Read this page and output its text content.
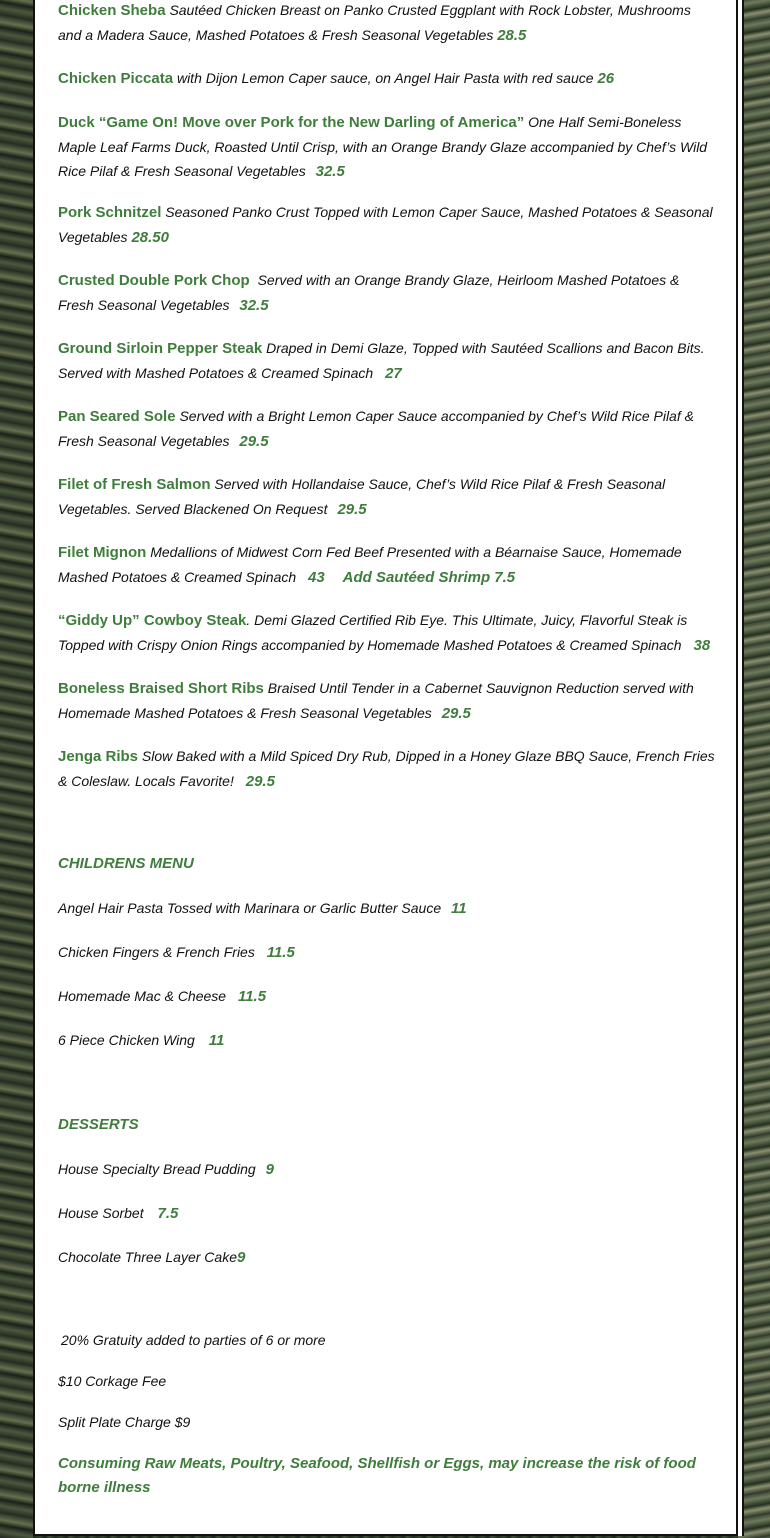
Chicken Sheba Sautéed Chicken Breast on Panko Crusted Eggplant with Rock Lobster, Mushrooms and a Madera Sauce, Mashed Potatoes & Fresh Seasonal Vegetables 28.5

Chicken Piccata with Dijon Lemon Caper sauce, on Angel Hair Pasta with red sauce 26

Duck “Game On! Move over Pork for the New Darling of America” One Half Semi-Boneless Maple Leaf Farms Duck, Roasted Until Crisp, with an Orange Brandy Glaze accompanied by Chef’s Wild Rice Pilaf & Fresh Seasonal Vegetables 32.5

Pork Schnitzel Seasoned Panko Crust Topped with Lemon Caper Sauce, Mashed Potatoes & Seasonal Vegetables 28.50

Crusted Double Pork Chop Served with an Orange Brandy Glaze, Heirloom Mashed Potatoes & Fresh Seasonal Vegetables 32.5

Ground Sirloin Pepper Steak Draped in Demi Glaze, Topped with Sautéed Scallions and Bacon Bits. Served with Mashed Potatoes & Creamed Spinach 27

Pan Seared Sole Served with a Bright Lemon Caper Sauce accompanied by Chef’s Wild Rice Pilaf & Fresh Seasonal Vegetables 29.5

Filet of Fresh Salmon Served with Hollandaise Sauce, Chef’s Wild Rice Pilaf & Fresh Seasonal Vegetables. Served Blackened On Request 29.5

Filet Mignon Medallions of Midwest Corn Fed Beef Presented with a Béarnaise Sauce, Homemade Mashed Potatoes & Creamed Spinach 43 Add Sautéed Shrimp 7.5

“Giddy Up” Cowboy Steak. Demi Glazed Certified Rib Eye. This Ultimate, Juicy, Flavorful Steak is Topped with Crispy Onion Rings accompanied by Homemade Mashed Potatoes & Creamed Spinach 38

Boneless Braised Short Ribs Braised Until Tender in a Cabernet Sauvignon Reduction served with Homemade Mashed Potatoes & Fresh Seasonal Vegetables 29.5

Jenga Ribs Slow Baked with a Mild Spiced Dry Rub, Dipped in a Honey Glaze BBQ Sauce, French Fries & Coleslaw. Locals Favorite! 29.5

CHILDRENS MENU

Angel Hair Pasta Tossed with Marinara or Garlic Butter Sauce 11

Chicken Fingers & French Fries 11.5

Homemade Mac & Cheese 11.5

6 Piece Chicken Wing 11

DESSERTS

House Specialty Bread Pudding 9

House Sorbet 7.5

Chocolate Three Layer Cake9

20% Gratuity added to parties of 6 or more

$10 Corkage Fee

Split Plate Charge $9

Consuming Raw Meats, Poultry, Seafood, Shellfish or Eggs, may increase the risk of food borne illness
